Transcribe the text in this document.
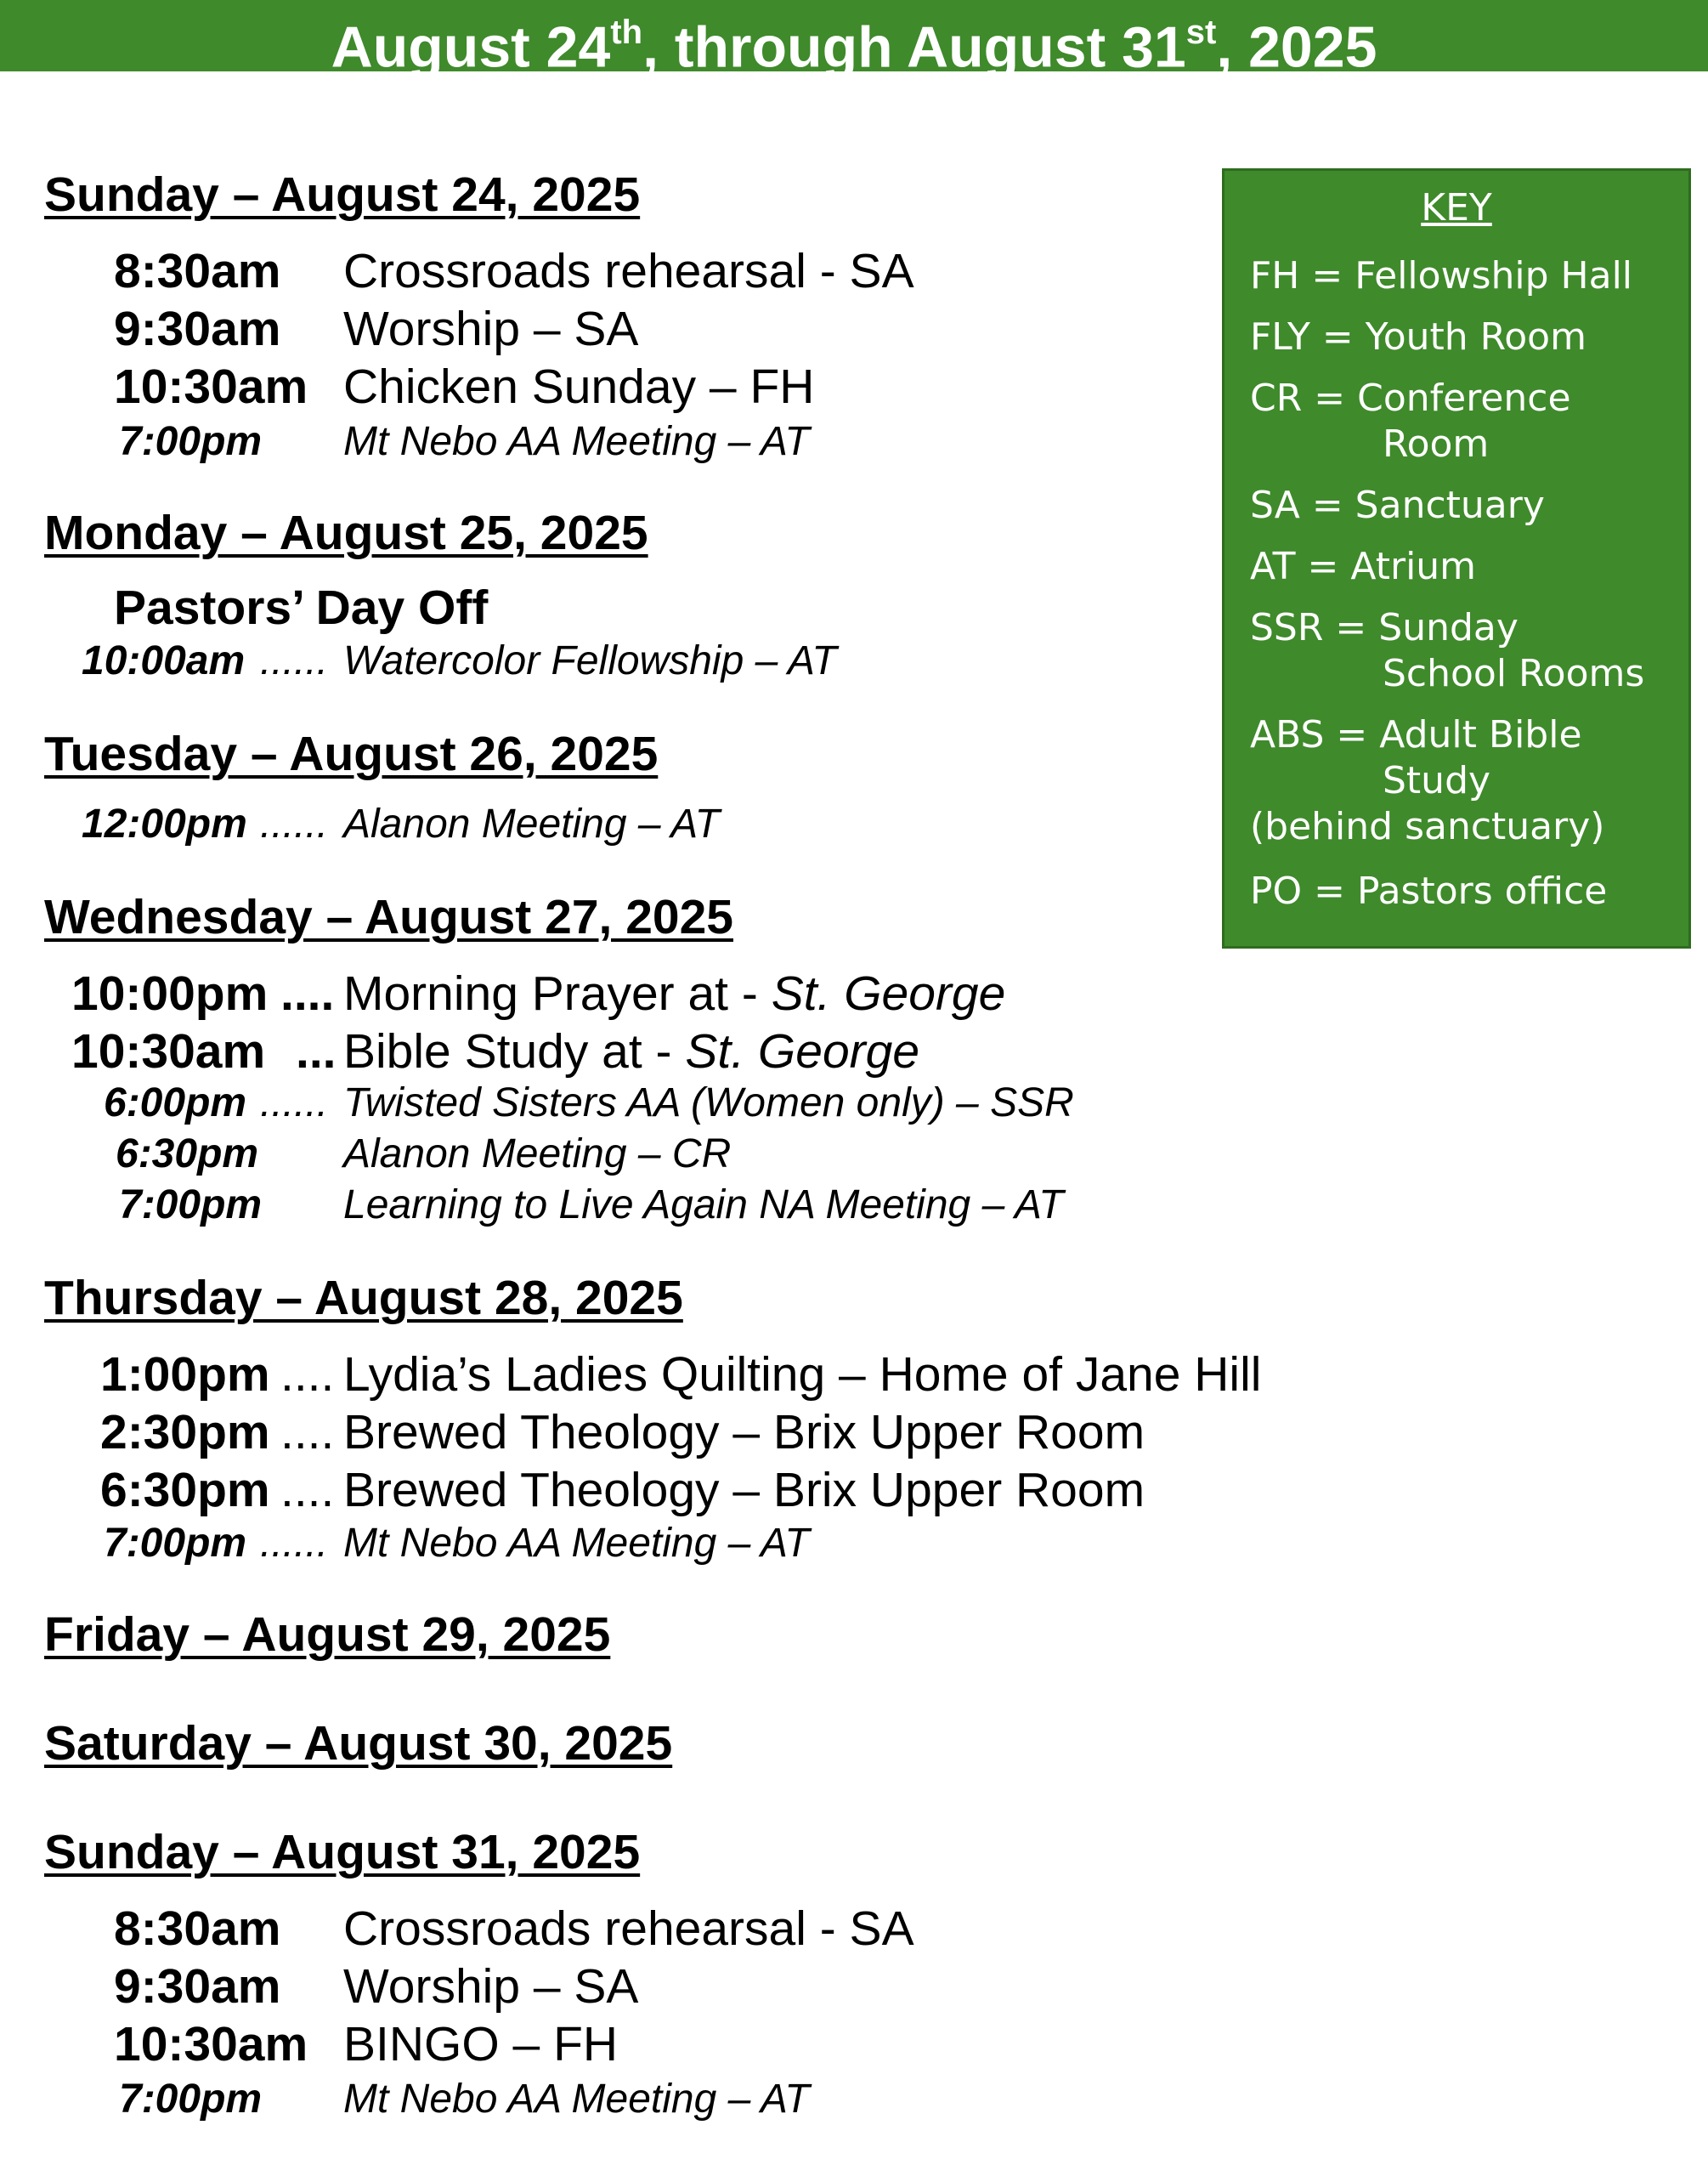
August 24th, through August 31st, 2025
Sunday – August 24, 2025
8:30am Crossroads rehearsal - SA
9:30am Worship – SA
10:30am Chicken Sunday – FH
7:00pm Mt Nebo AA Meeting – AT
Monday – August 25, 2025
Pastors’ Day Off
10:00am ...... Watercolor Fellowship – AT
Tuesday – August 26, 2025
12:00pm ...... Alanon Meeting – AT
Wednesday – August 27, 2025
10:00pm .... Morning Prayer at - St. George
10:30am ... Bible Study at - St. George
6:00pm ...... Twisted Sisters AA (Women only) – SSR
6:30pm Alanon Meeting – CR
7:00pm Learning to Live Again NA Meeting – AT
Thursday – August 28, 2025
1:00pm .... Lydia’s Ladies Quilting – Home of Jane Hill
2:30pm .... Brewed Theology – Brix Upper Room
6:30pm .... Brewed Theology – Brix Upper Room
7:00pm ...... Mt Nebo AA Meeting – AT
Friday – August 29, 2025
Saturday – August 30, 2025
Sunday – August 31, 2025
8:30am Crossroads rehearsal - SA
9:30am Worship – SA
10:30am BINGO – FH
7:00pm Mt Nebo AA Meeting – AT
KEY
FH = Fellowship Hall
FLY = Youth Room
CR = Conference
Room
SA = Sanctuary
AT = Atrium
SSR = Sunday
School Rooms
ABS = Adult Bible
Study
(behind sanctuary)
PO = Pastors office
